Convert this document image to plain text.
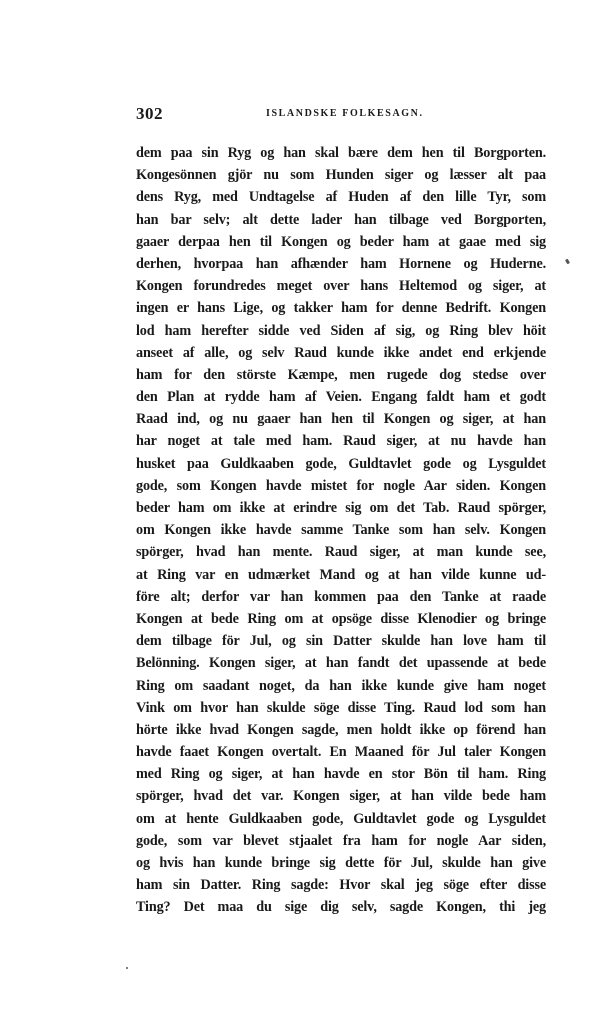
302	ISLANDSKE FOLKESAGN.
dem paa sin Ryg og han skal bære dem hen til Borgporten.
Kongesönnen gjör nu som Hunden siger og læsser alt paa
dens Ryg, med Undtagelse af Huden af den lille Tyr, som
han bar selv; alt dette lader han tilbage ved Borgporten,
gaaer derpaa hen til Kongen og beder ham at gaae med sig
derhen, hvorpaa han afhænder ham Hornene og Huderne.
Kongen forundredes meget over hans Heltemod og siger, at
ingen er hans Lige, og takker ham for denne Bedrift. Kongen
lod ham herefter sidde ved Siden af sig, og Ring blev höit
anseet af alle, og selv Raud kunde ikke andet end erkjende
ham for den störste Kæmpe, men rugede dog stedse over
den Plan at rydde ham af Veien. Engang faldt ham et godt
Raad ind, og nu gaaer han hen til Kongen og siger, at han
har noget at tale med ham. Raud siger, at nu havde han
husket paa Guldkaaben gode, Guldtavlet gode og Lysguldet
gode, som Kongen havde mistet for nogle Aar siden. Kongen
beder ham om ikke at erindre sig om det Tab. Raud spörger,
om Kongen ikke havde samme Tanke som han selv. Kongen
spörger, hvad han mente. Raud siger, at man kunde see,
at Ring var en udmærket Mand og at han vilde kunne ud-
före alt; derfor var han kommen paa den Tanke at raade
Kongen at bede Ring om at opsöge disse Klenodier og bringe
dem tilbage för Jul, og sin Datter skulde han love ham til
Belönning. Kongen siger, at han fandt det upassende at bede
Ring om saadant noget, da han ikke kunde give ham noget
Vink om hvor han skulde söge disse Ting. Raud lod som han
hörte ikke hvad Kongen sagde, men holdt ikke op förend han
havde faaet Kongen overtalt. En Maaned för Jul taler Kongen
med Ring og siger, at han havde en stor Bön til ham. Ring
spörger, hvad det var. Kongen siger, at han vilde bede ham
om at hente Guldkaaben gode, Guldtavlet gode og Lysguldet
gode, som var blevet stjaalet fra ham for nogle Aar siden,
og hvis han kunde bringe sig dette för Jul, skulde han give
ham sin Datter. Ring sagde: Hvor skal jeg söge efter disse
Ting? Det maa du sige dig selv, sagde Kongen, thi jeg
